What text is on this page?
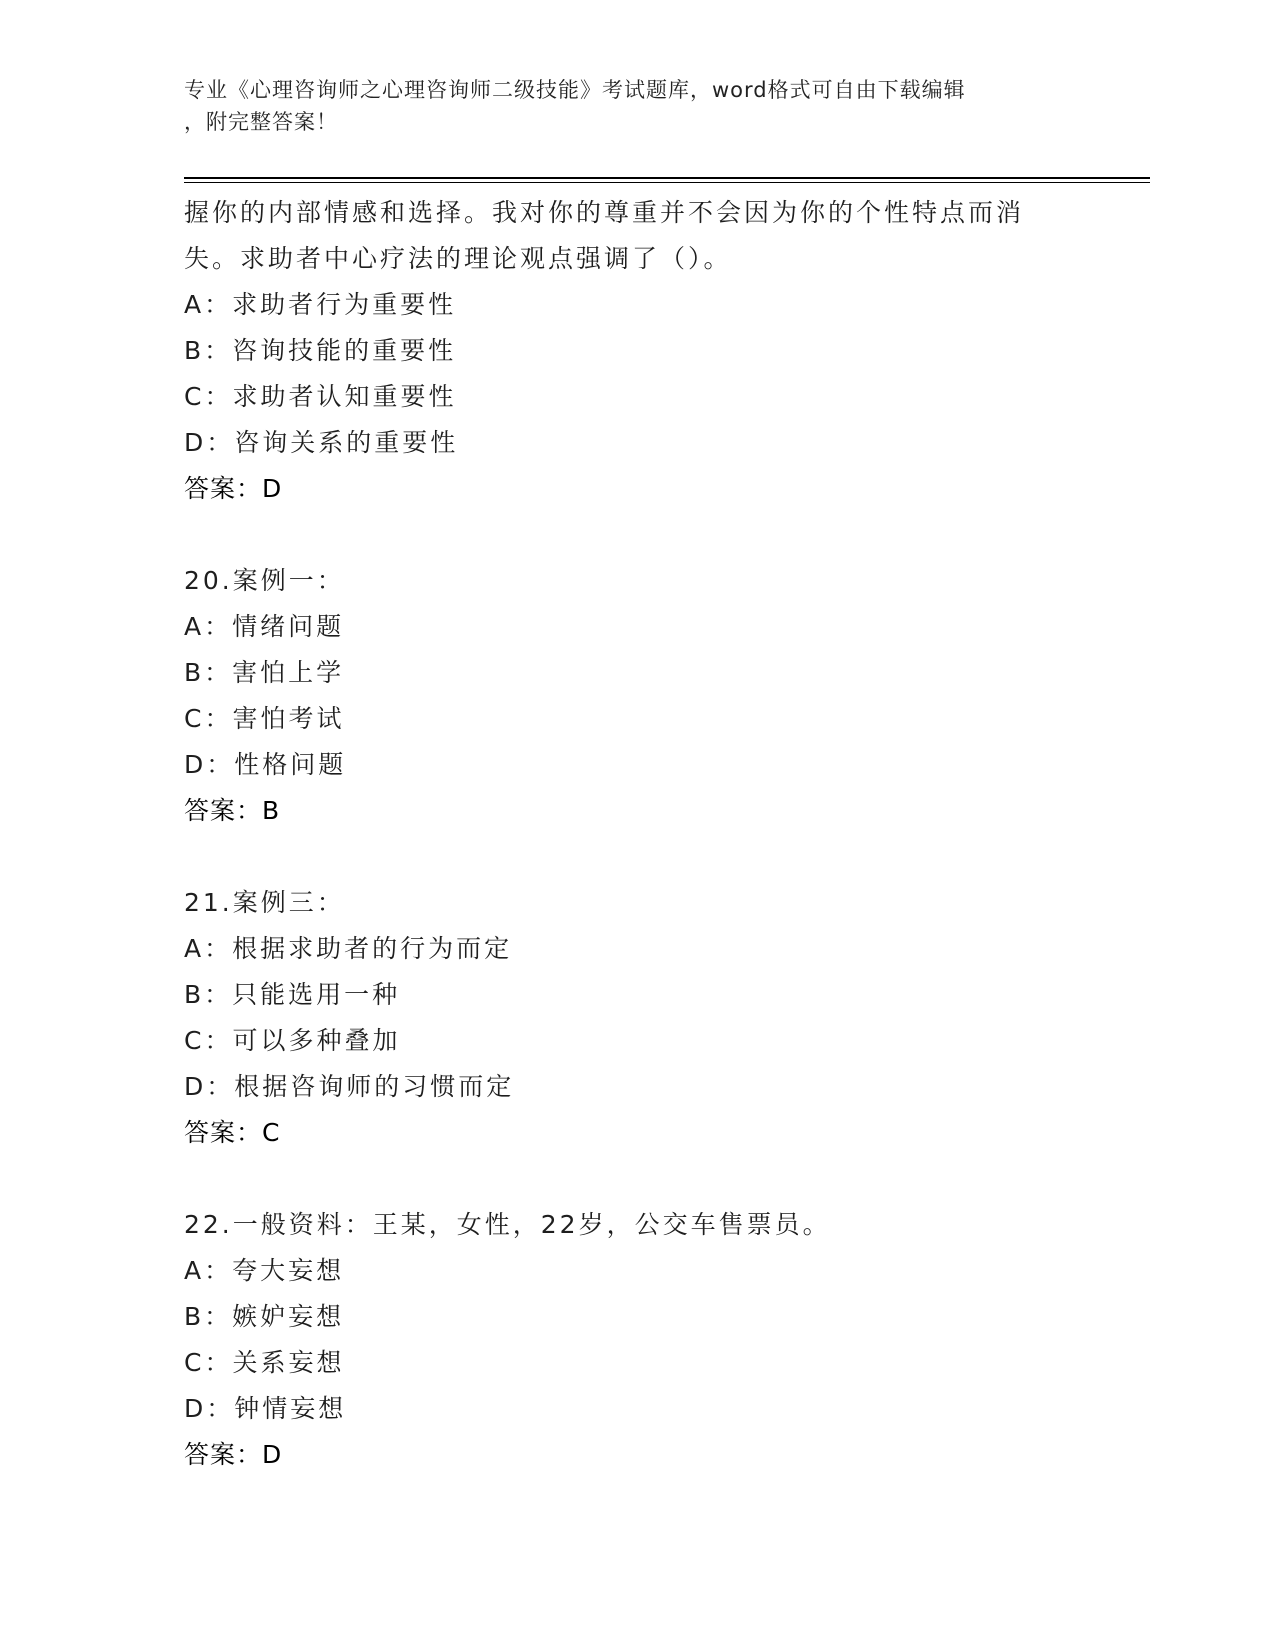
专业《心理咨询师之心理咨询师二级技能》考试题库，word格式可自由下载编辑
，附完整答案！
握你的内部情感和选择。我对你的尊重并不会因为你的个性特点而消
失。求助者中心疗法的理论观点强调了（）。
A：求助者行为重要性
B：咨询技能的重要性
C：求助者认知重要性
D：咨询关系的重要性
答案：D
20.案例一：
A：情绪问题
B：害怕上学
C：害怕考试
D：性格问题
答案：B
21.案例三：
A：根据求助者的行为而定
B：只能选用一种
C：可以多种叠加
D：根据咨询师的习惯而定
答案：C
22.一般资料：王某，女性，22岁，公交车售票员。
A：夸大妄想
B：嫉妒妄想
C：关系妄想
D：钟情妄想
答案：D
